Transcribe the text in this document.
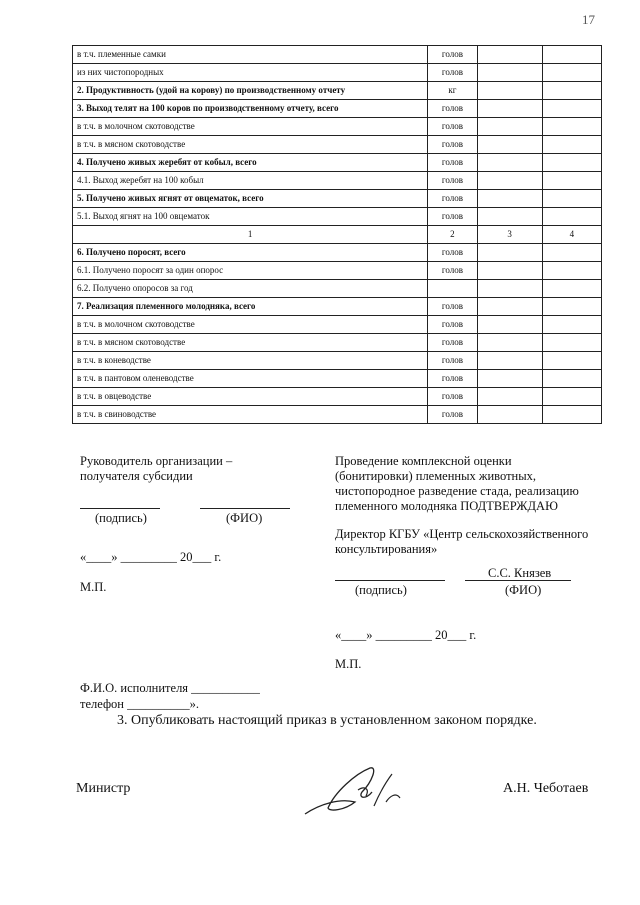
17
в т.ч. племенные самки	голов		
из них чистопородных	голов		
2. Продуктивность (удой на корову) по производственному отчету	кг		
3. Выход телят на 100 коров по производственному отчету, всего	голов		
в т.ч. в молочном скотоводстве	голов		
в т.ч. в мясном скотоводстве	голов		
4. Получено живых жеребят от кобыл, всего	голов		
4.1. Выход жеребят на 100 кобыл	голов		
5. Получено живых ягнят от овцематок, всего	голов		
5.1. Выход ягнят на 100 овцематок	голов		
1	2	3	4
6. Получено поросят, всего	голов		
6.1. Получено поросят за один опорос	голов		
6.2. Получено опоросов за год			
7. Реализация племенного молодняка, всего	голов		
в т.ч. в молочном скотоводстве	голов		
в т.ч. в мясном скотоводстве	голов		
в т.ч. в коневодстве	голов		
в т.ч. в пантовом оленеводстве	голов		
в т.ч. в овцеводстве	голов		
в т.ч. в свиноводстве	голов		
Руководитель организации –
получателя субсидии
(подпись)	(ФИО)
«____» _________ 20___ г.
М.П.
Проведение комплексной оценки
(бонитировки) племенных животных,
чистопородное разведение стада, реализацию
племенного молодняка ПОДТВЕРЖДАЮ
Директор КГБУ «Центр сельскохозяйственного
консультирования»
С.С. Князев
(подпись)	(ФИО)
«____» _________ 20___ г.
М.П.
Ф.И.О. исполнителя ___________
телефон __________».
3. Опубликовать настоящий приказ в установленном законом порядке.
Министр	А.Н. Чеботаев
